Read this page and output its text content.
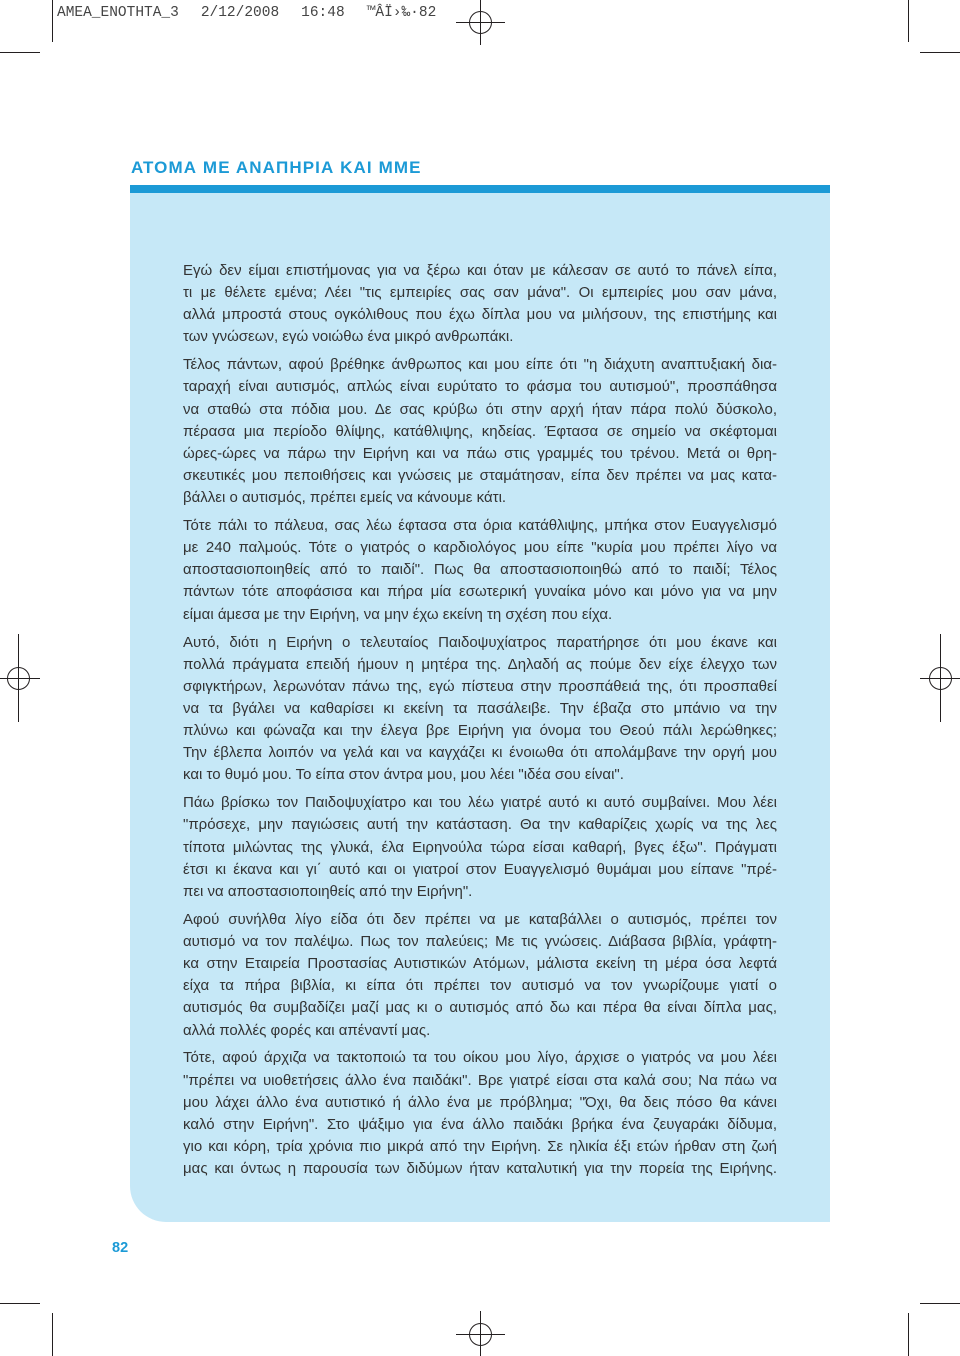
AMEA_ENOTHTA_3 2/12/2008 16:48 ™ÂÏ›‰·82
ΑΤΟΜΑ ΜΕ ΑΝΑΠΗΡΙΑ ΚΑΙ ΜΜΕ
Εγώ δεν είμαι επιστήμονας για να ξέρω και όταν με κάλεσαν σε αυτό το πάνελ είπα,
τι με θέλετε εμένα; Λέει "τις εμπειρίες σας σαν μάνα". Οι εμπειρίες μου σαν μάνα,
αλλά μπροστά στους ογκόλιθους που έχω δίπλα μου να μιλήσουν, της επιστήμης και
των γνώσεων, εγώ νοιώθω ένα μικρό ανθρωπάκι.
Τέλος πάντων, αφού βρέθηκε άνθρωπος και μου είπε ότι "η διάχυτη αναπτυξιακή δια-
ταραχή είναι αυτισμός, απλώς είναι ευρύτατο το φάσμα του αυτισμού", προσπάθησα
να σταθώ στα πόδια μου. Δε σας κρύβω ότι στην αρχή ήταν πάρα πολύ δύσκολο,
πέρασα μια περίοδο θλίψης, κατάθλιψης, κηδείας. Έφτασα σε σημείο να σκέφτομαι
ώρες-ώρες να πάρω την Ειρήνη και να πάω στις γραμμές του τρένου. Μετά οι θρη-
σκευτικές μου πεποιθήσεις και γνώσεις με σταμάτησαν, είπα δεν πρέπει να μας κατα-
βάλλει ο αυτισμός, πρέπει εμείς να κάνουμε κάτι.
Τότε πάλι το πάλευα, σας λέω έφτασα στα όρια κατάθλιψης, μπήκα στον Ευαγγελισμό
με 240 παλμούς. Τότε ο γιατρός ο καρδιολόγος μου είπε "κυρία μου πρέπει λίγο να
αποστασιοποιηθείς από το παιδί". Πως θα αποστασιοποιηθώ από το παιδί; Τέλος
πάντων τότε αποφάσισα και πήρα μία εσωτερική γυναίκα μόνο και μόνο για να μην
είμαι άμεσα με την Ειρήνη, να μην έχω εκείνη τη σχέση που είχα.
Αυτό, διότι η Ειρήνη ο τελευταίος Παιδοψυχίατρος παρατήρησε ότι μου έκανε και
πολλά πράγματα επειδή ήμουν η μητέρα της. Δηλαδή ας πούμε δεν είχε έλεγχο των
σφιγκτήρων, λερωνόταν πάνω της, εγώ πίστευα στην προσπάθειά της, ότι προσπαθεί
να τα βγάλει να καθαρίσει κι εκείνη τα πασάλειβε. Την έβαζα στο μπάνιο να την
πλύνω και φώναζα και την έλεγα βρε Ειρήνη για όνομα του Θεού πάλι λερώθηκες;
Την έβλεπα λοιπόν να γελά και να καγχάζει κι ένοιωθα ότι απολάμβανε την οργή μου
και το θυμό μου. Το είπα στον άντρα μου, μου λέει "ιδέα σου είναι".
Πάω βρίσκω τον Παιδοψυχίατρο και του λέω γιατρέ αυτό κι αυτό συμβαίνει. Μου λέει
"πρόσεχε, μην παγιώσεις αυτή την κατάσταση. Θα την καθαρίζεις χωρίς να της λες
τίποτα μιλώντας της γλυκά, έλα Ειρηνούλα τώρα είσαι καθαρή, βγες έξω". Πράγματι
έτσι κι έκανα και γι΄ αυτό και οι γιατροί στον Ευαγγελισμό θυμάμαι μου είπανε "πρέ-
πει να αποστασιοποιηθείς από την Ειρήνη".
Αφού συνήλθα λίγο είδα ότι δεν πρέπει να με καταβάλλει ο αυτισμός, πρέπει τον
αυτισμό να τον παλέψω. Πως τον παλεύεις; Με τις γνώσεις. Διάβασα βιβλία, γράφτη-
κα στην Εταιρεία Προστασίας Αυτιστικών Ατόμων, μάλιστα εκείνη τη μέρα όσα λεφτά
είχα τα πήρα βιβλία, κι είπα ότι πρέπει τον αυτισμό να τον γνωρίζουμε γιατί ο
αυτισμός θα συμβαδίζει μαζί μας κι ο αυτισμός από δω και πέρα θα είναι δίπλα μας,
αλλά πολλές φορές και απέναντί μας.
Τότε, αφού άρχιζα να τακτοποιώ τα του οίκου μου λίγο, άρχισε ο γιατρός να μου λέει
"πρέπει να υιοθετήσεις άλλο ένα παιδάκι". Βρε γιατρέ είσαι στα καλά σου; Να πάω να
μου λάχει άλλο ένα αυτιστικό ή άλλο ένα με πρόβλημα; "Όχι, θα δεις πόσο θα κάνει
καλό στην Ειρήνη". Στο ψάξιμο για ένα άλλο παιδάκι βρήκα ένα ζευγαράκι δίδυμα,
γιο και κόρη, τρία χρόνια πιο μικρά από την Ειρήνη. Σε ηλικία έξι ετών ήρθαν στη ζωή
μας και όντως η παρουσία των διδύμων ήταν καταλυτική για την πορεία της Ειρήνης.
82
